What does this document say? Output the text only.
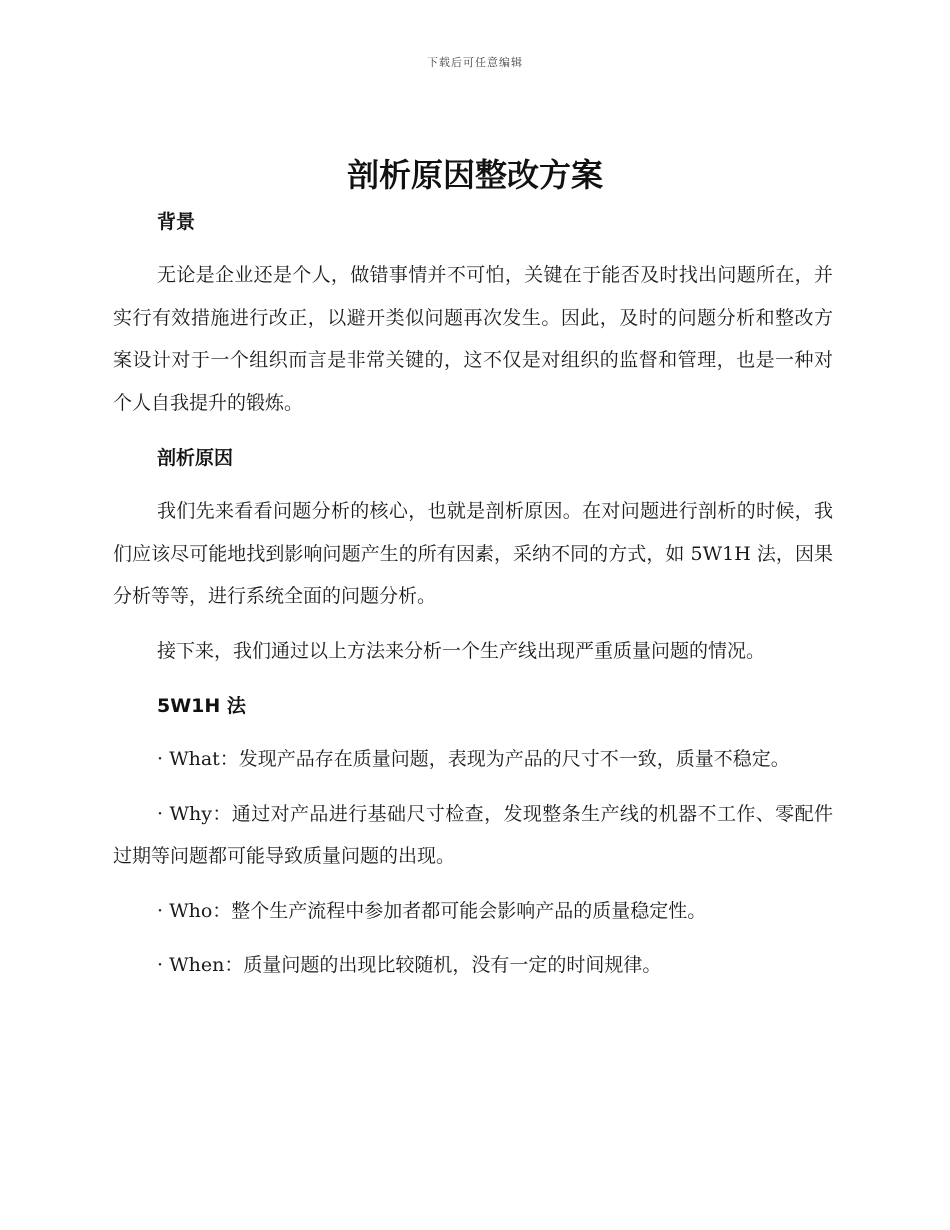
下载后可任意编辑
剖析原因整改方案
背景

无论是企业还是个人，做错事情并不可怕，关键在于能否及时找出问题所在，并实行有效措施进行改正，以避开类似问题再次发生。因此，及时的问题分析和整改方案设计对于一个组织而言是非常关键的，这不仅是对组织的监督和管理，也是一种对个人自我提升的锻炼。

剖析原因

我们先来看看问题分析的核心，也就是剖析原因。在对问题进行剖析的时候，我们应该尽可能地找到影响问题产生的所有因素，采纳不同的方式，如 5W1H 法，因果分析等等，进行系统全面的问题分析。

接下来，我们通过以上方法来分析一个生产线出现严重质量问题的情况。

5W1H 法

· What：发现产品存在质量问题，表现为产品的尺寸不一致，质量不稳定。

· Why：通过对产品进行基础尺寸检查，发现整条生产线的机器不工作、零配件过期等问题都可能导致质量问题的出现。

· Who：整个生产流程中参加者都可能会影响产品的质量稳定性。

· When：质量问题的出现比较随机，没有一定的时间规律。
